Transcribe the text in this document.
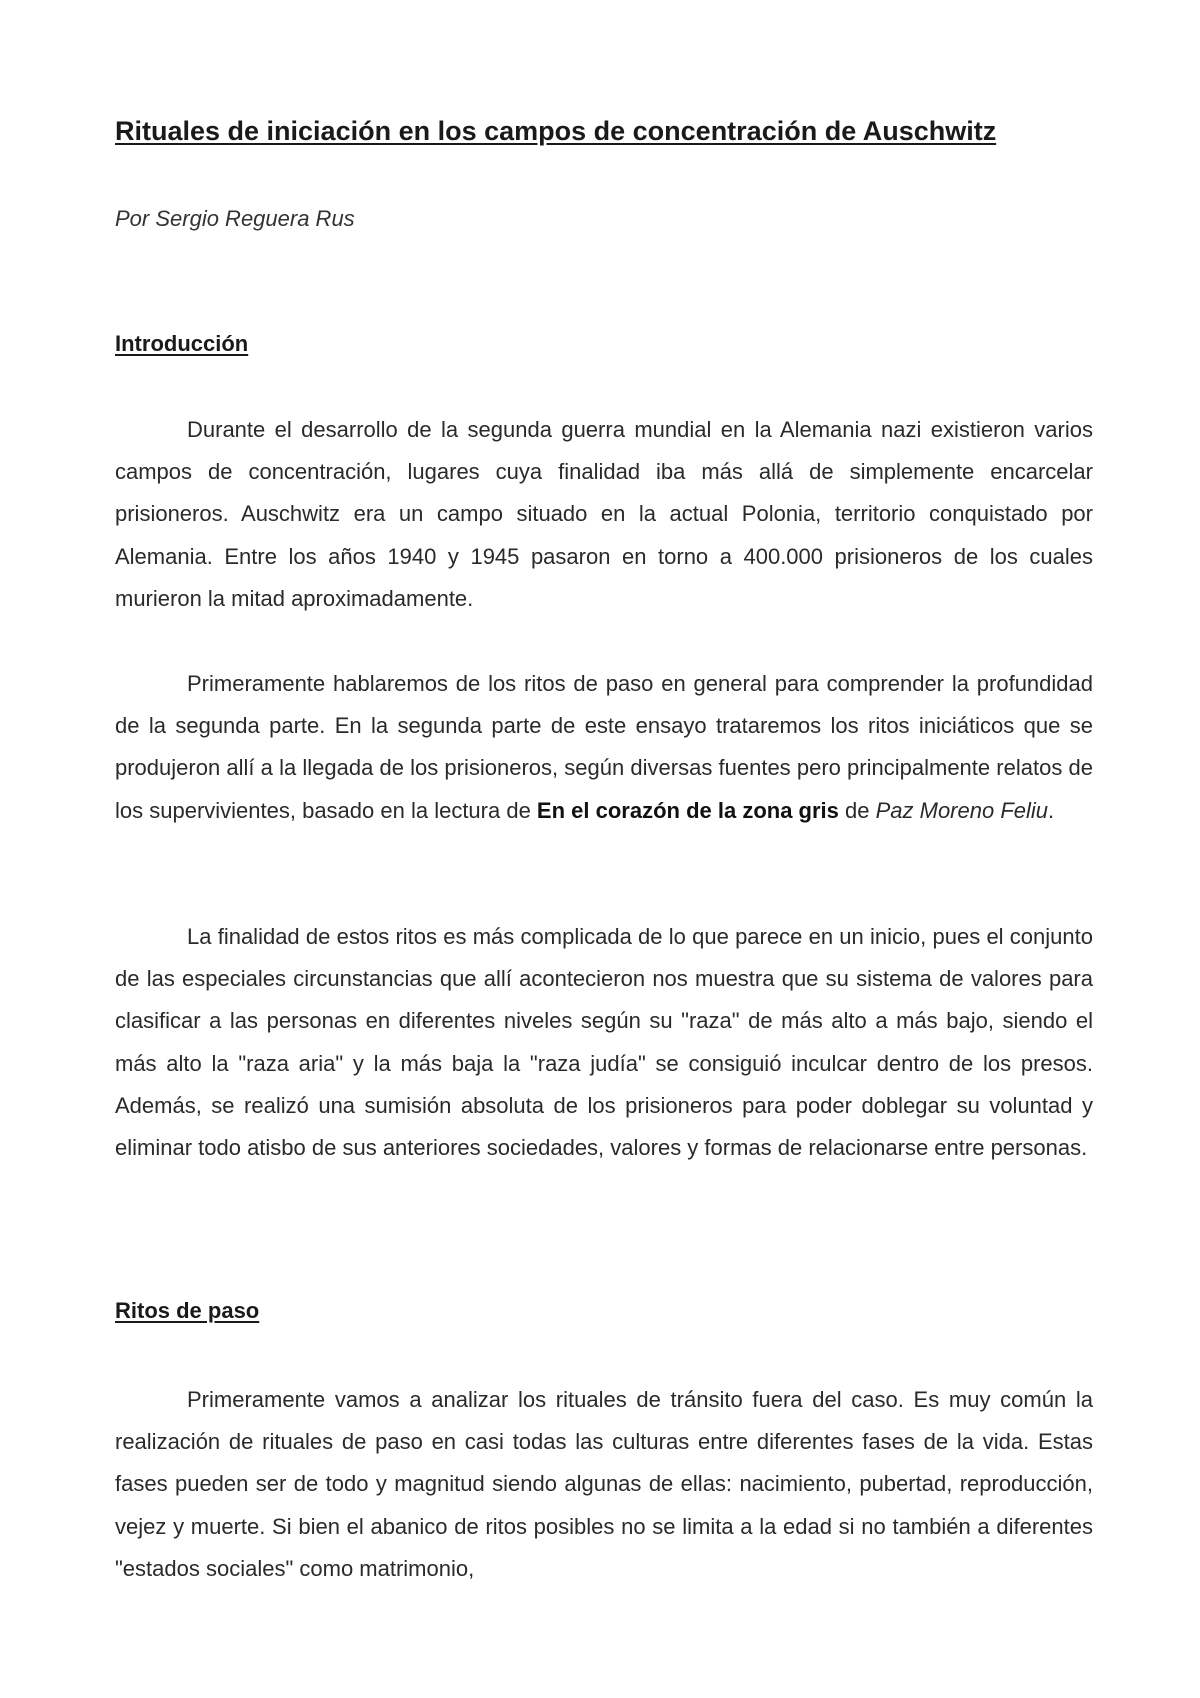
Rituales de iniciación en los campos de concentración de Auschwitz

Por Sergio Reguera Rus

Introducción

Durante el desarrollo de la segunda guerra mundial en la Alemania nazi existieron varios campos de concentración, lugares cuya finalidad iba más allá de simplemente encarcelar prisioneros. Auschwitz era un campo situado en la actual Polonia, territorio conquistado por Alemania. Entre los años 1940 y 1945 pasaron en torno a 400.000 prisioneros de los cuales murieron la mitad aproximadamente.

Primeramente hablaremos de los ritos de paso en general para comprender la profundidad de la segunda parte. En la segunda parte de este ensayo trataremos los ritos iniciáticos que se produjeron allí a la llegada de los prisioneros, según diversas fuentes pero principalmente relatos de los supervivientes, basado en la lectura de En el corazón de la zona gris de Paz Moreno Feliu.

La finalidad de estos ritos es más complicada de lo que parece en un inicio, pues el conjunto de las especiales circunstancias que allí acontecieron nos muestra que su sistema de valores para clasificar a las personas en diferentes niveles según su "raza" de más alto a más bajo, siendo el más alto la "raza aria" y la más baja la "raza judía" se consiguió inculcar dentro de los presos. Además, se realizó una sumisión absoluta de los prisioneros para poder doblegar su voluntad y eliminar todo atisbo de sus anteriores sociedades, valores y formas de relacionarse entre personas.

Ritos de paso

Primeramente vamos a analizar los rituales de tránsito fuera del caso. Es muy común la realización de rituales de paso en casi todas las culturas entre diferentes fases de la vida. Estas fases pueden ser de todo y magnitud siendo algunas de ellas: nacimiento, pubertad, reproducción, vejez y muerte. Si bien el abanico de ritos posibles no se limita a la edad si no también a diferentes "estados sociales" como matrimonio,
